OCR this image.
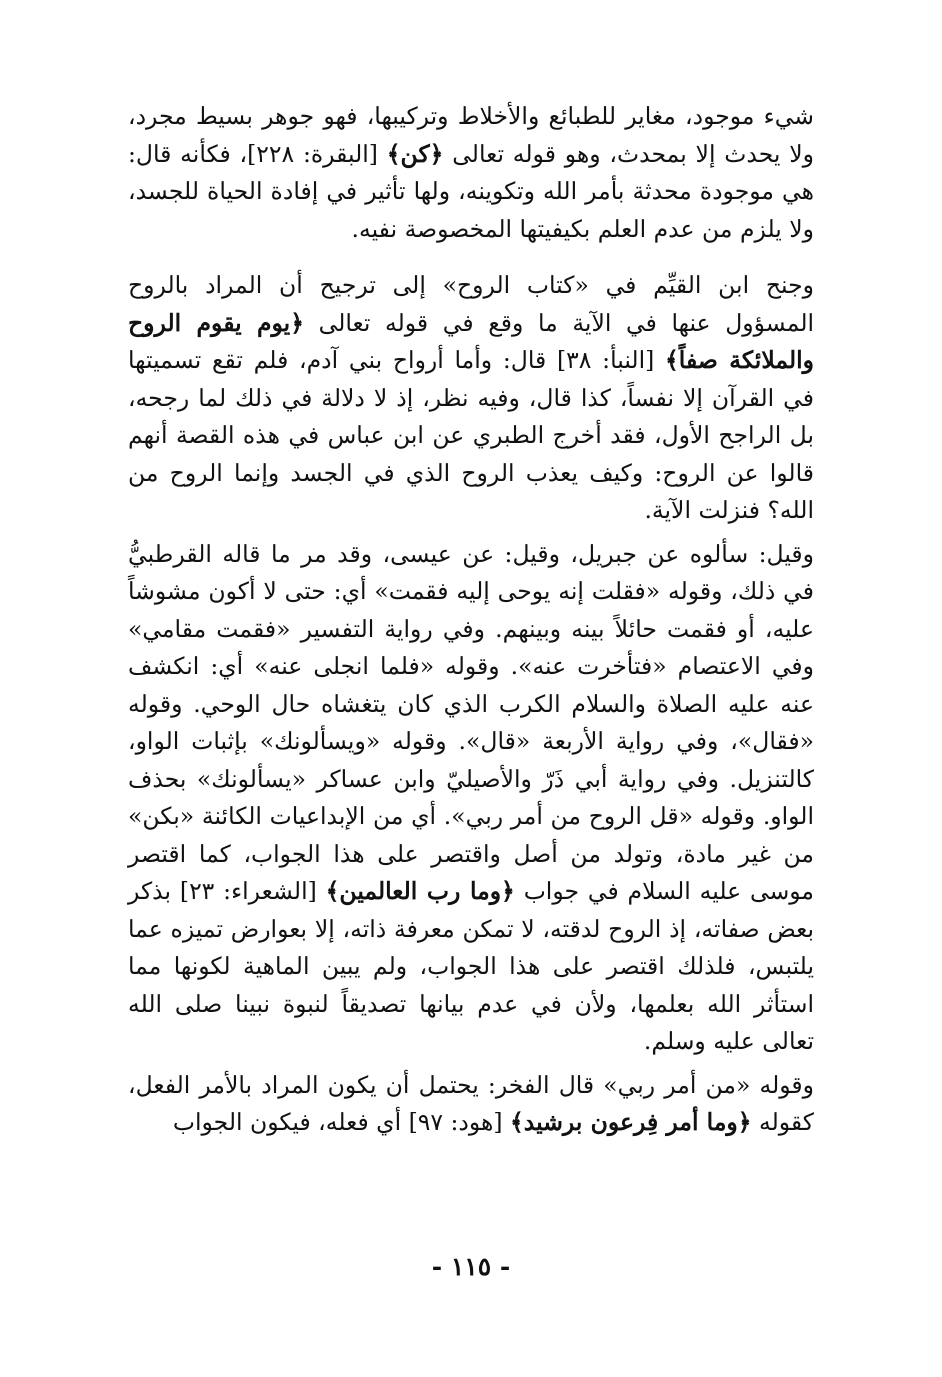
شيء موجود، مغاير للطبائع والأخلاط وتركيبها، فهو جوهر بسيط مجرد، ولا يحدث إلا بمحدث، وهو قوله تعالى ﴿كن﴾ [البقرة: ٢٢٨]، فكأنه قال: هي موجودة محدثة بأمر الله وتكوينه، ولها تأثير في إفادة الحياة للجسد، ولا يلزم من عدم العلم بكيفيتها المخصوصة نفيه.

وجنح ابن القيِّم في «كتاب الروح» إلى ترجيح أن المراد بالروح المسؤول عنها في الآية ما وقع في قوله تعالى ﴿يوم يقوم الروح والملائكة صفاً﴾ [النبأ: ٣٨] قال: وأما أرواح بني آدم، فلم تقع تسميتها في القرآن إلا نفساً، كذا قال، وفيه نظر، إذ لا دلالة في ذلك لما رجحه، بل الراجح الأول، فقد أخرج الطبري عن ابن عباس في هذه القصة أنهم قالوا عن الروح: وكيف يعذب الروح الذي في الجسد وإنما الروح من الله؟ فنزلت الآية.

وقيل: سألوه عن جبريل، وقيل: عن عيسى، وقد مر ما قاله القرطبيُّ في ذلك، وقوله «فقلت إنه يوحى إليه فقمت» أي: حتى لا أكون مشوشاً عليه، أو فقمت حائلاً بينه وبينهم. وفي رواية التفسير «فقمت مقامي» وفي الاعتصام «فتأخرت عنه». وقوله «فلما انجلى عنه» أي: انكشف عنه عليه الصلاة والسلام الكرب الذي كان يتغشاه حال الوحي. وقوله «فقال»، وفي رواية الأربعة «قال». وقوله «ويسألونك» بإثبات الواو، كالتنزيل. وفي رواية أبي ذَرّ والأصيليّ وابن عساكر «يسألونك» بحذف الواو. وقوله «قل الروح من أمر ربي». أي من الإبداعيات الكائنة «بكن» من غير مادة، وتولد من أصل واقتصر على هذا الجواب، كما اقتصر موسى عليه السلام في جواب ﴿وما رب العالمين﴾ [الشعراء: ٢٣] بذكر بعض صفاته، إذ الروح لدقته، لا تمكن معرفة ذاته، إلا بعوارض تميزه عما يلتبس، فلذلك اقتصر على هذا الجواب، ولم يبين الماهية لكونها مما استأثر الله بعلمها، ولأن في عدم بيانها تصديقاً لنبوة نبينا صلى الله تعالى عليه وسلم.

وقوله «من أمر ربي» قال الفخر: يحتمل أن يكون المراد بالأمر الفعل، كقوله ﴿وما أمر فِرعون برشيد﴾ [هود: ٩٧] أي فعله، فيكون الجواب

- ١١٥ -
